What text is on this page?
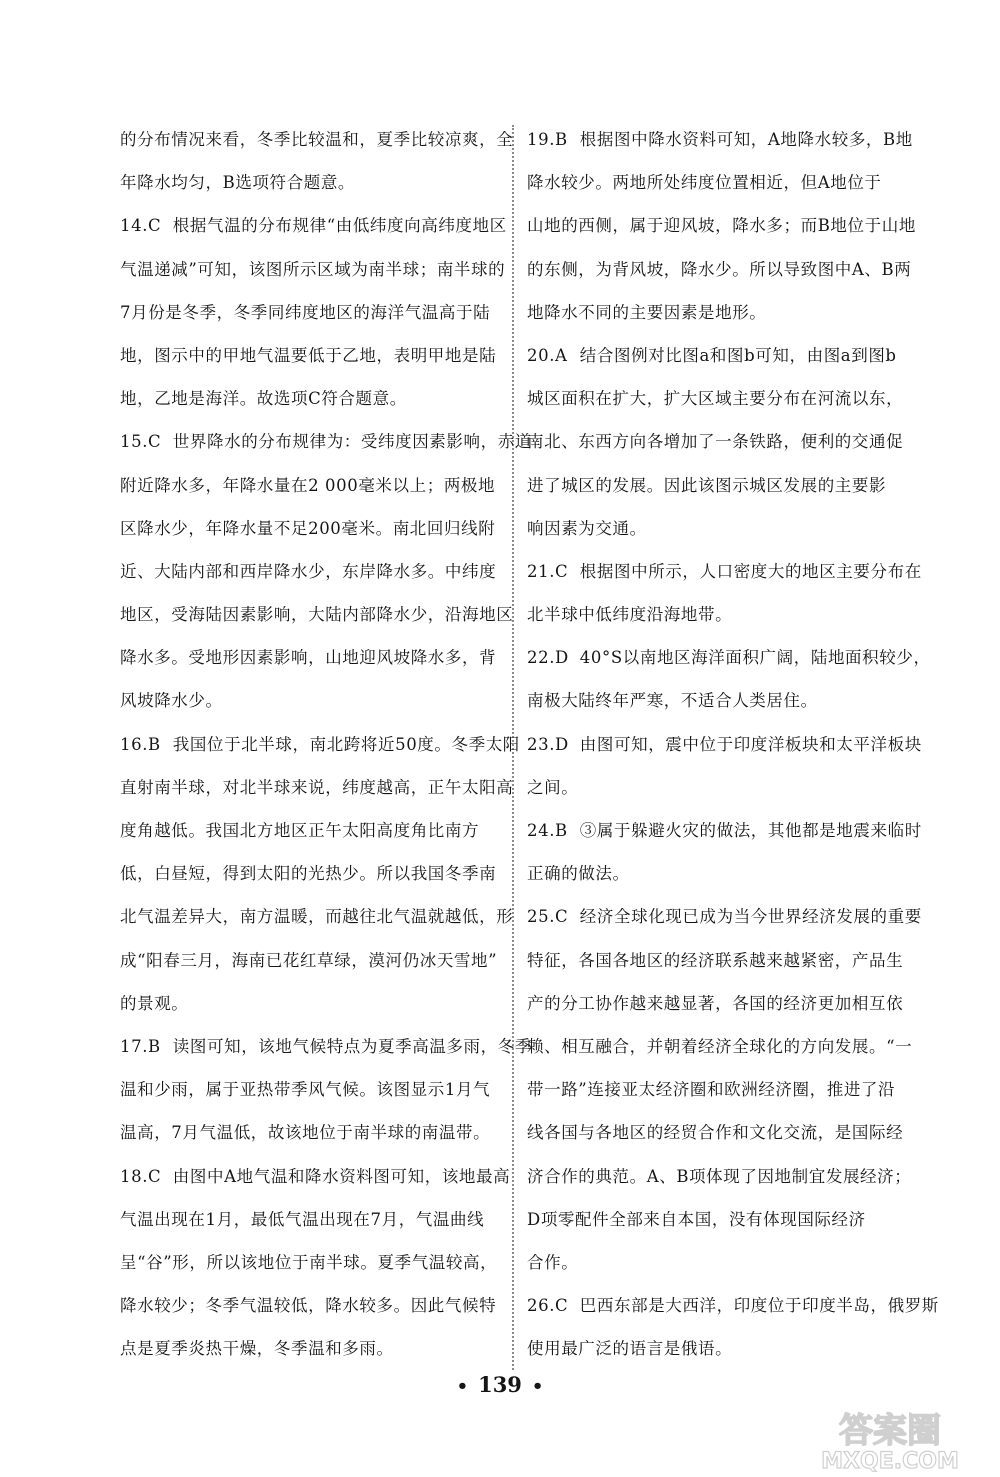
的分布情况来看，冬季比较温和，夏季比较凉爽，全
年降水均匀，B选项符合题意。
14.C 根据气温的分布规律“由低纬度向高纬度地区
气温递减”可知，该图所示区域为南半球；南半球的
7月份是冬季，冬季同纬度地区的海洋气温高于陆
地，图示中的甲地气温要低于乙地，表明甲地是陆
地，乙地是海洋。故选项C符合题意。
15.C 世界降水的分布规律为：受纬度因素影响，赤道
附近降水多，年降水量在2 000毫米以上；两极地
区降水少，年降水量不足200毫米。南北回归线附
近、大陆内部和西岸降水少，东岸降水多。中纬度
地区，受海陆因素影响，大陆内部降水少，沿海地区
降水多。受地形因素影响，山地迎风坡降水多，背
风坡降水少。
16.B 我国位于北半球，南北跨将近50度。冬季太阳
直射南半球，对北半球来说，纬度越高，正午太阳高
度角越低。我国北方地区正午太阳高度角比南方
低，白昼短，得到太阳的光热少。所以我国冬季南
北气温差异大，南方温暖，而越往北气温就越低，形
成“阳春三月，海南已花红草绿，漠河仍冰天雪地”
的景观。
17.B 读图可知，该地气候特点为夏季高温多雨，冬季
温和少雨，属于亚热带季风气候。该图显示1月气
温高，7月气温低，故该地位于南半球的南温带。
18.C 由图中A地气温和降水资料图可知，该地最高
气温出现在1月，最低气温出现在7月，气温曲线
呈“谷”形，所以该地位于南半球。夏季气温较高，
降水较少；冬季气温较低，降水较多。因此气候特
点是夏季炎热干燥，冬季温和多雨。
19.B 根据图中降水资料可知，A地降水较多，B地
降水较少。两地所处纬度位置相近，但A地位于
山地的西侧，属于迎风坡，降水多；而B地位于山地
的东侧，为背风坡，降水少。所以导致图中A、B两
地降水不同的主要因素是地形。
20.A 结合图例对比图a和图b可知，由图a到图b
城区面积在扩大，扩大区域主要分布在河流以东，
南北、东西方向各增加了一条铁路，便利的交通促
进了城区的发展。因此该图示城区发展的主要影
响因素为交通。
21.C 根据图中所示，人口密度大的地区主要分布在
北半球中低纬度沿海地带。
22.D 40°S以南地区海洋面积广阔，陆地面积较少，
南极大陆终年严寒，不适合人类居住。
23.D 由图可知，震中位于印度洋板块和太平洋板块
之间。
24.B ③属于躲避火灾的做法，其他都是地震来临时
正确的做法。
25.C 经济全球化现已成为当今世界经济发展的重要
特征，各国各地区的经济联系越来越紧密，产品生
产的分工协作越来越显著，各国的经济更加相互依
赖、相互融合，并朝着经济全球化的方向发展。“一
带一路”连接亚太经济圈和欧洲经济圈，推进了沿
线各国与各地区的经贸合作和文化交流，是国际经
济合作的典范。A、B项体现了因地制宜发展经济；
D项零配件全部来自本国，没有体现国际经济
合作。
26.C 巴西东部是大西洋，印度位于印度半岛，俄罗斯
使用最广泛的语言是俄语。
• 139 •
答案圈
MXQE.COM
